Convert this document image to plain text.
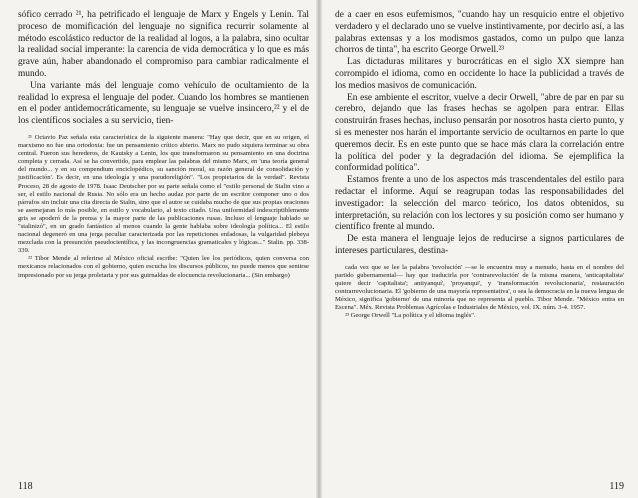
sófico cerrado ²¹, ha petrificado el lenguaje de Marx y Engels y Lenin. Tal proceso de momificación del lenguaje no significa recurrir solamente al método escolástico reductor de la realidad al logos, a la palabra, sino ocultar la realidad social imperante: la carencia de vida democrática y lo que es más grave aún, haber abandonado el compromiso para cambiar radicalmente el mundo.

Una variante más del lenguaje como vehículo de ocultamiento de la realidad lo expresa el lenguaje del poder. Cuando los hombres se mantienen en el poder antidemocráticamente, su lenguaje se vuelve insincero,²² y el de los científicos sociales a su servicio, tien-

²¹ Octavio Paz señala esta característica de la siguiente manera: "Hay que decir, que en su origen, el marxismo no fue una ortodoxia: fue un pensamiento crítico abierto. Marx no pudo siquiera terminar su obra central. Fueron sus herederos, de Kautsky a Lenin, los que transformaron su pensamiento en una doctrina completa y cerrada. Así se ha convertido, para emplear las palabras del mismo Marx, en 'una teoría general del mundo... y en su compendium enciclopédico, su sanción moral, su razón general de consolidación y justificación'. Es decir, en una ideología y una pseudoreligión". "Los propietarios de la verdad". Revista Proceso, 28 de agosto de 1978. Isaac Deutscher por su parte señala como el "estilo personal de Stalin vino a ser, el estilo nacional de Rusia. No sólo era un hecho audaz por parte de un escritor componer uno o dos párrafos sin incluir una cita directa de Stalin, sino que el autor se cuidaba mucho de que sus propias oraciones se asemejaran lo más posible, en estilo y vocabulario, al texto citado. Una uniformidad indescriptiblemente gris se apoderó de la prensa y la mayor parte de las publicaciones rusas. Incluso el lenguaje hablado se "stalinizó", en un grado fantástico al menos cuando la gente hablaba sobre ideología política... El estilo nacional degeneró en una jerga peculiar caracterizada por las repeticiones enfadosas, la vulgaridad plebeya mezclada con la presunción pseudocientífica, y las incongruencias gramaticales y lógicas..." Stalin. pp. 338-339.

²² Tibor Mende al referirse al México oficial escribe: "Quien lee los periódicos, quien conversa con mexicanos relacionados con el gobierno, quien escucha los discursos públicos, no puede menos que sentirse impresionado por su jerga proletaria y por sus guirnaldas de elocuencia revolucionaria... (Sin embargo)

118

de a caer en esos eufemismos, "cuando hay un resquicio entre el objetivo verdadero y el declarado uno se vuelve instintivamente, por decirlo así, a las palabras extensas y a los modismos gastados, como un pulpo que lanza chorros de tinta", ha escrito George Orwell.²³

Las dictaduras militares y burocráticas en el siglo XX siempre han corrompido el idioma, como en occidente lo hace la publicidad a través de los medios masivos de comunicación.

En ese ambiente el escritor, vuelve a decir Orwell, "abre de par en par su cerebro, dejando que las frases hechas se agolpen para entrar. Ellas construirán frases hechas, incluso pensarán por nosotros hasta cierto punto, y si es menester nos harán el importante servicio de ocultarnos en parte lo que queremos decir. Es en este punto que se hace más clara la correlación entre la política del poder y la degradación del idioma. Se ejemplifica la conformidad política".

Estamos frente a uno de los aspectos más trascendentales del estilo para redactar el informe. Aquí se reagrupan todas las responsabilidades del investigador: la selección del marco teórico, los datos obtenidos, su interpretación, su relación con los lectores y su posición como ser humano y científico frente al mundo.

De esta manera el lenguaje lejos de reducirse a signos particulares de intereses particulares, destina-

cada vez que se lee la palabra 'revolución' —se le encuentra muy a menudo, hasta en el nombre del partido gubernamental— hay que traducirla por 'contrarevolución' de la misma manera, 'anticapitalista' quiere decir 'capitalista'; antiyanquí', 'proyanqui', y 'transformación revolucionaria', restauración contrarrevolucionaria. El 'gobierno de una mayoría representativa', o sea la democracia en la nueva lengua de México, significa 'gobierno' de una minoría que no representa al pueblo. Tibor Mende. "México entra en Escena". Méx. Revista Problemas Agrícolas e Industriales de México, vol. IX. núm. 3-4. 1957.

²³ George Orwell "La política y el idioma inglés".

119
